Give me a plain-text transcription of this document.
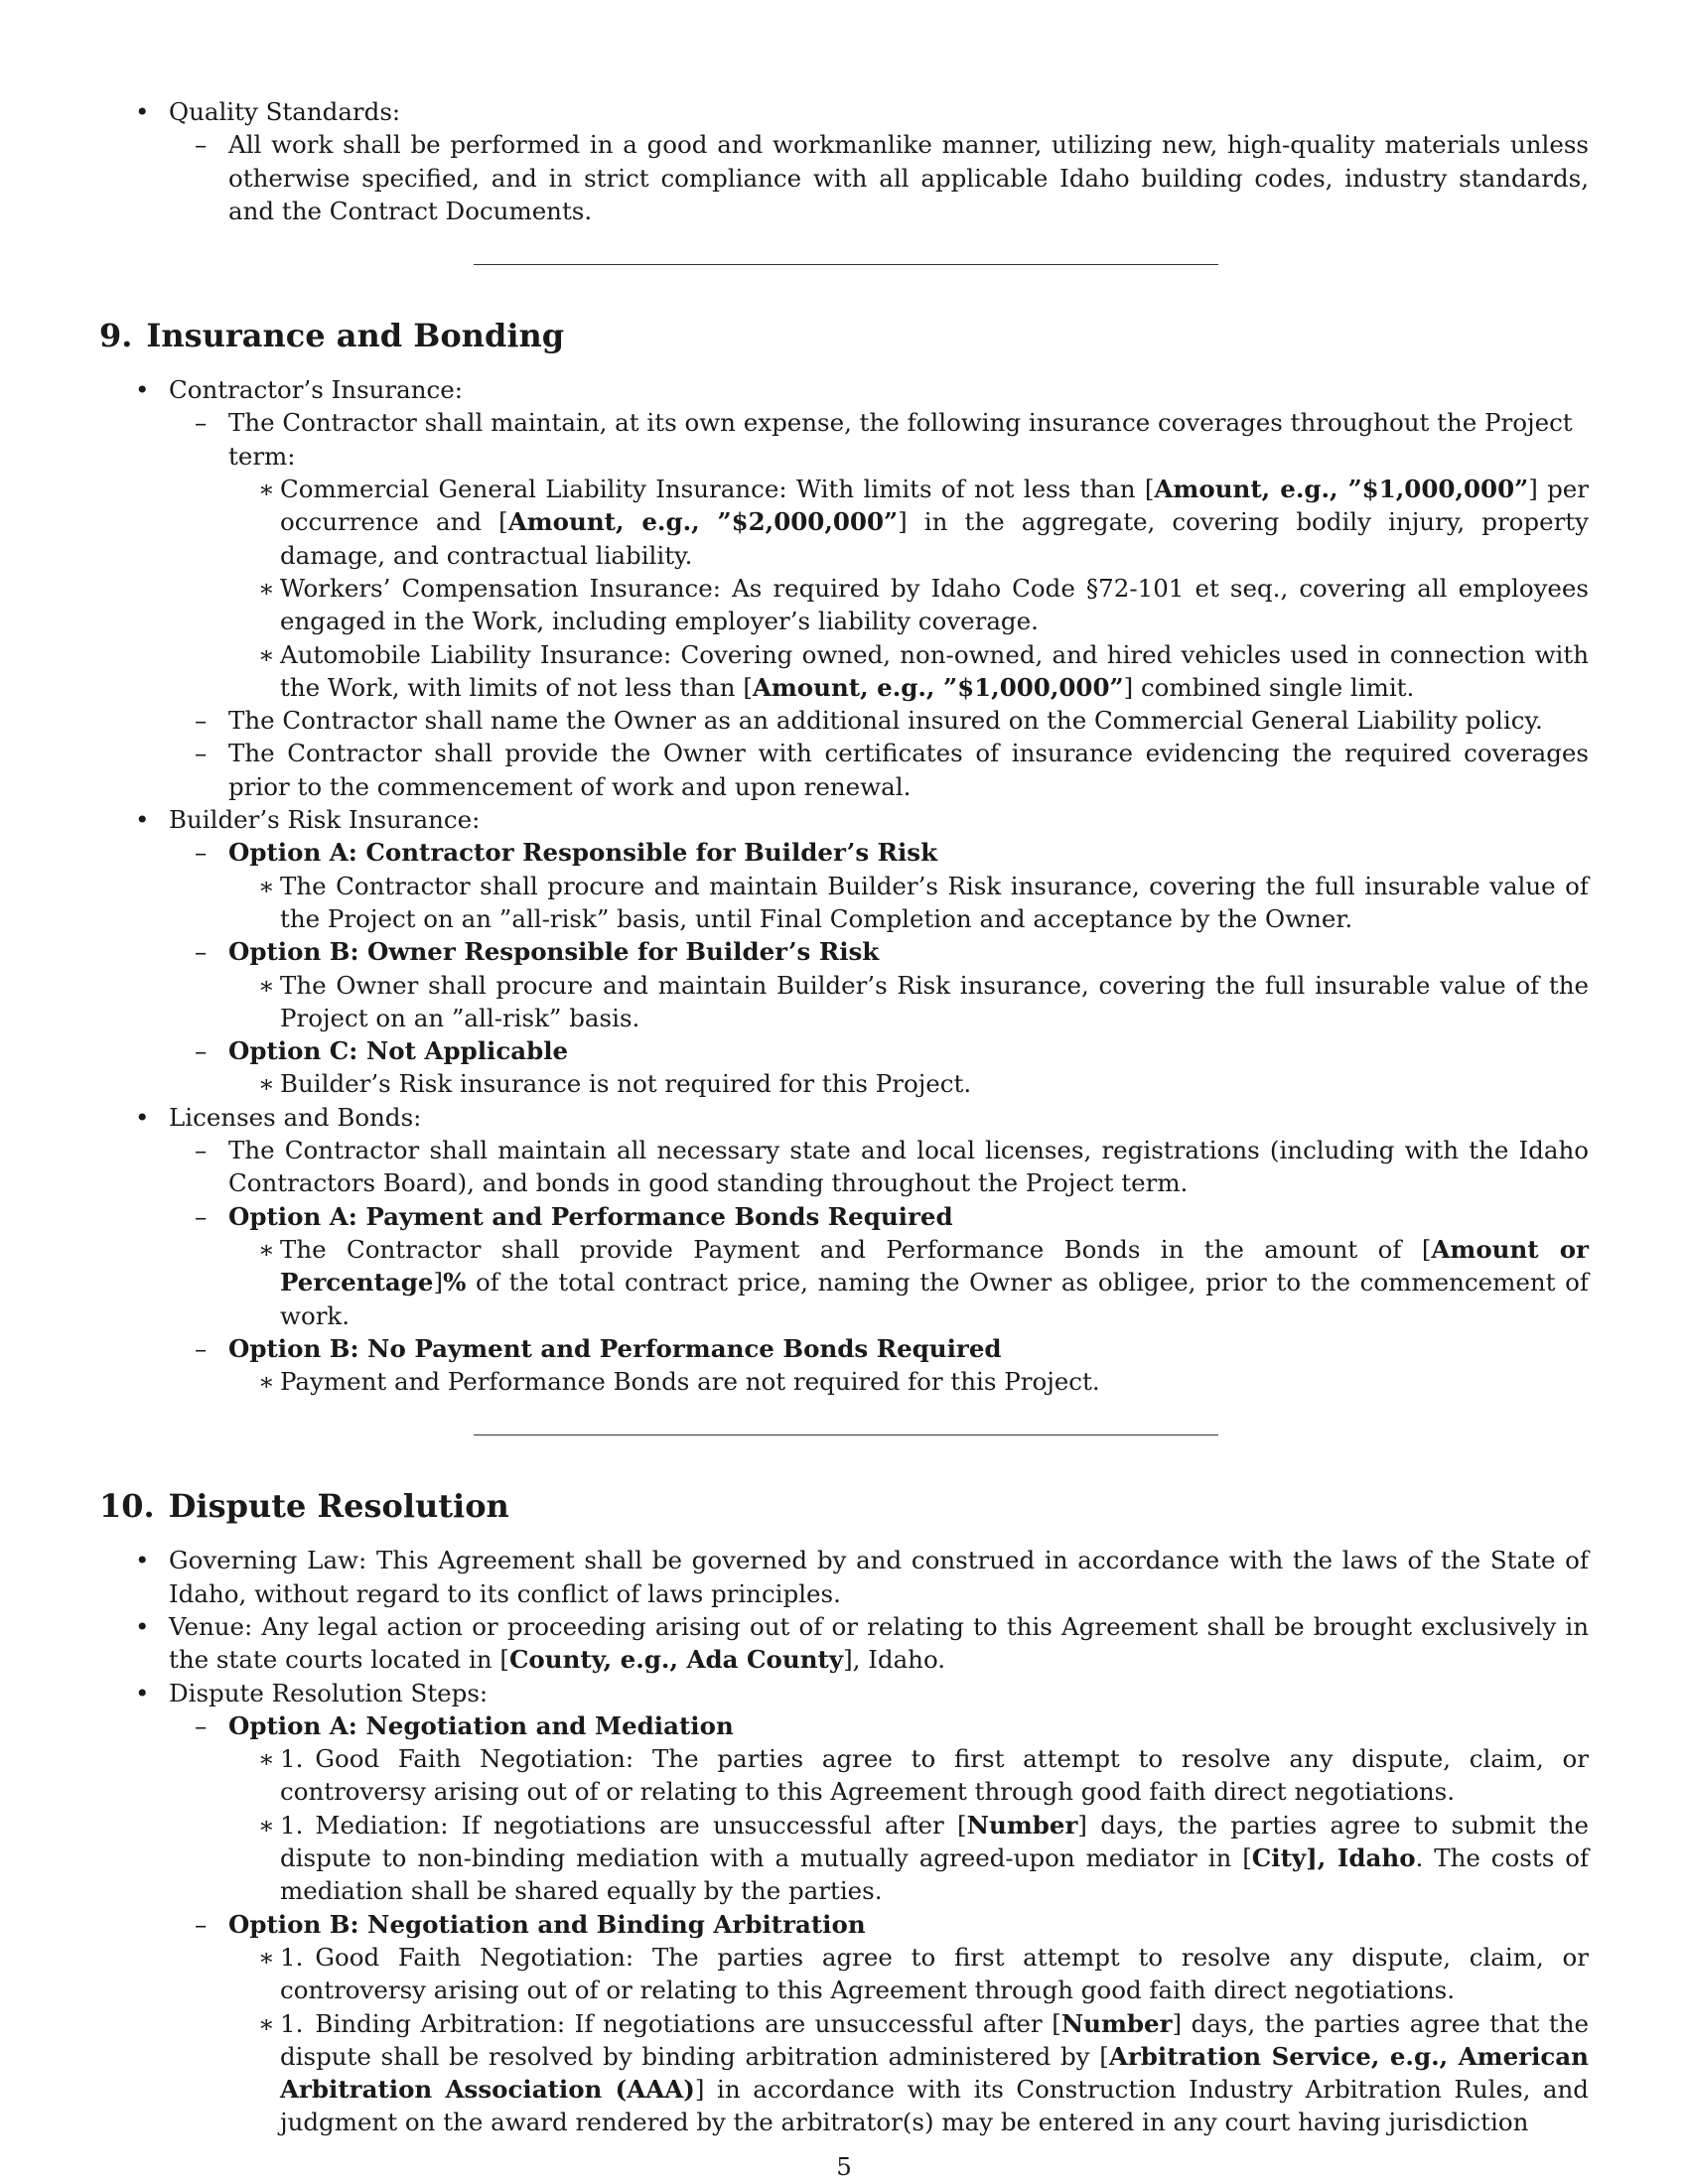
• Quality Standards:
– All work shall be performed in a good and workmanlike manner, utilizing new, high-quality materials unless otherwise specified, and in strict compliance with all applicable Idaho building codes, industry standards, and the Contract Documents.
9. Insurance and Bonding
• Contractor’s Insurance:
– The Contractor shall maintain, at its own expense, the following insurance coverages throughout the Project term:
∗ Commercial General Liability Insurance: With limits of not less than [Amount, e.g., ”$1,000,000”] per occurrence and [Amount, e.g., ”$2,000,000”] in the aggregate, covering bodily injury, property damage, and contractual liability.
∗ Workers’ Compensation Insurance: As required by Idaho Code §72-101 et seq., covering all employees engaged in the Work, including employer’s liability coverage.
∗ Automobile Liability Insurance: Covering owned, non-owned, and hired vehicles used in connection with the Work, with limits of not less than [Amount, e.g., ”$1,000,000”] combined single limit.
– The Contractor shall name the Owner as an additional insured on the Commercial General Liability policy.
– The Contractor shall provide the Owner with certificates of insurance evidencing the required coverages prior to the commencement of work and upon renewal.
• Builder’s Risk Insurance:
– Option A: Contractor Responsible for Builder’s Risk
∗ The Contractor shall procure and maintain Builder’s Risk insurance, covering the full insurable value of the Project on an ”all-risk” basis, until Final Completion and acceptance by the Owner.
– Option B: Owner Responsible for Builder’s Risk
∗ The Owner shall procure and maintain Builder’s Risk insurance, covering the full insurable value of the Project on an ”all-risk” basis.
– Option C: Not Applicable
∗ Builder’s Risk insurance is not required for this Project.
• Licenses and Bonds:
– The Contractor shall maintain all necessary state and local licenses, registrations (including with the Idaho Contractors Board), and bonds in good standing throughout the Project term.
– Option A: Payment and Performance Bonds Required
∗ The Contractor shall provide Payment and Performance Bonds in the amount of [Amount or Percentage]% of the total contract price, naming the Owner as obligee, prior to the commencement of work.
– Option B: No Payment and Performance Bonds Required
∗ Payment and Performance Bonds are not required for this Project.
10. Dispute Resolution
• Governing Law: This Agreement shall be governed by and construed in accordance with the laws of the State of Idaho, without regard to its conflict of laws principles.
• Venue: Any legal action or proceeding arising out of or relating to this Agreement shall be brought exclusively in the state courts located in [County, e.g., Ada County], Idaho.
• Dispute Resolution Steps:
– Option A: Negotiation and Mediation
∗ 1. Good Faith Negotiation: The parties agree to first attempt to resolve any dispute, claim, or controversy arising out of or relating to this Agreement through good faith direct negotiations.
∗ 1. Mediation: If negotiations are unsuccessful after [Number] days, the parties agree to submit the dispute to non-binding mediation with a mutually agreed-upon mediator in [City], Idaho. The costs of mediation shall be shared equally by the parties.
– Option B: Negotiation and Binding Arbitration
∗ 1. Good Faith Negotiation: The parties agree to first attempt to resolve any dispute, claim, or controversy arising out of or relating to this Agreement through good faith direct negotiations.
∗ 1. Binding Arbitration: If negotiations are unsuccessful after [Number] days, the parties agree that the dispute shall be resolved by binding arbitration administered by [Arbitration Service, e.g., American Arbitration Association (AAA)] in accordance with its Construction Industry Arbitration Rules, and judgment on the award rendered by the arbitrator(s) may be entered in any court having jurisdiction
5
